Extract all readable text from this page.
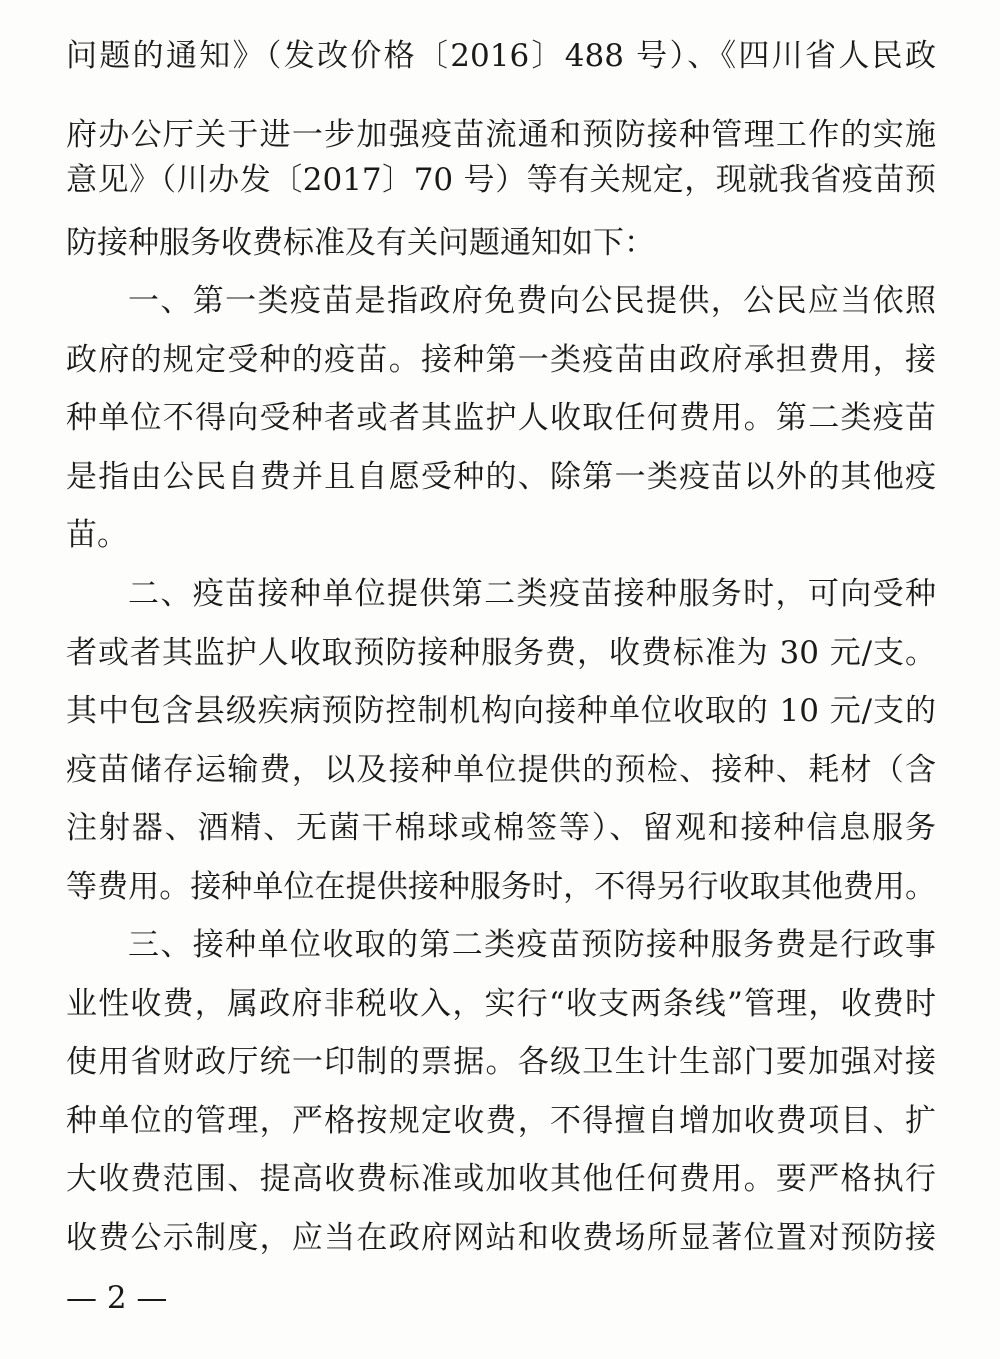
问题的通知》（发改价格〔2016〕488 号）、《四川省人民政
府办公厅关于进一步加强疫苗流通和预防接种管理工作的实施
意见》（川办发〔2017〕70 号）等有关规定，现就我省疫苗预
防接种服务收费标准及有关问题通知如下：
一、第一类疫苗是指政府免费向公民提供，公民应当依照
政府的规定受种的疫苗。接种第一类疫苗由政府承担费用，接
种单位不得向受种者或者其监护人收取任何费用。第二类疫苗
是指由公民自费并且自愿受种的、除第一类疫苗以外的其他疫
苗。
二、疫苗接种单位提供第二类疫苗接种服务时，可向受种
者或者其监护人收取预防接种服务费，收费标准为 30 元/支。
其中包含县级疾病预防控制机构向接种单位收取的 10 元/支的
疫苗储存运输费，以及接种单位提供的预检、接种、耗材（含
注射器、酒精、无菌干棉球或棉签等）、留观和接种信息服务
等费用。接种单位在提供接种服务时，不得另行收取其他费用。
三、接种单位收取的第二类疫苗预防接种服务费是行政事
业性收费，属政府非税收入，实行“收支两条线”管理，收费时
使用省财政厅统一印制的票据。各级卫生计生部门要加强对接
种单位的管理，严格按规定收费，不得擅自增加收费项目、扩
大收费范围、提高收费标准或加收其他任何费用。要严格执行
收费公示制度，应当在政府网站和收费场所显著位置对预防接
— 2 —
